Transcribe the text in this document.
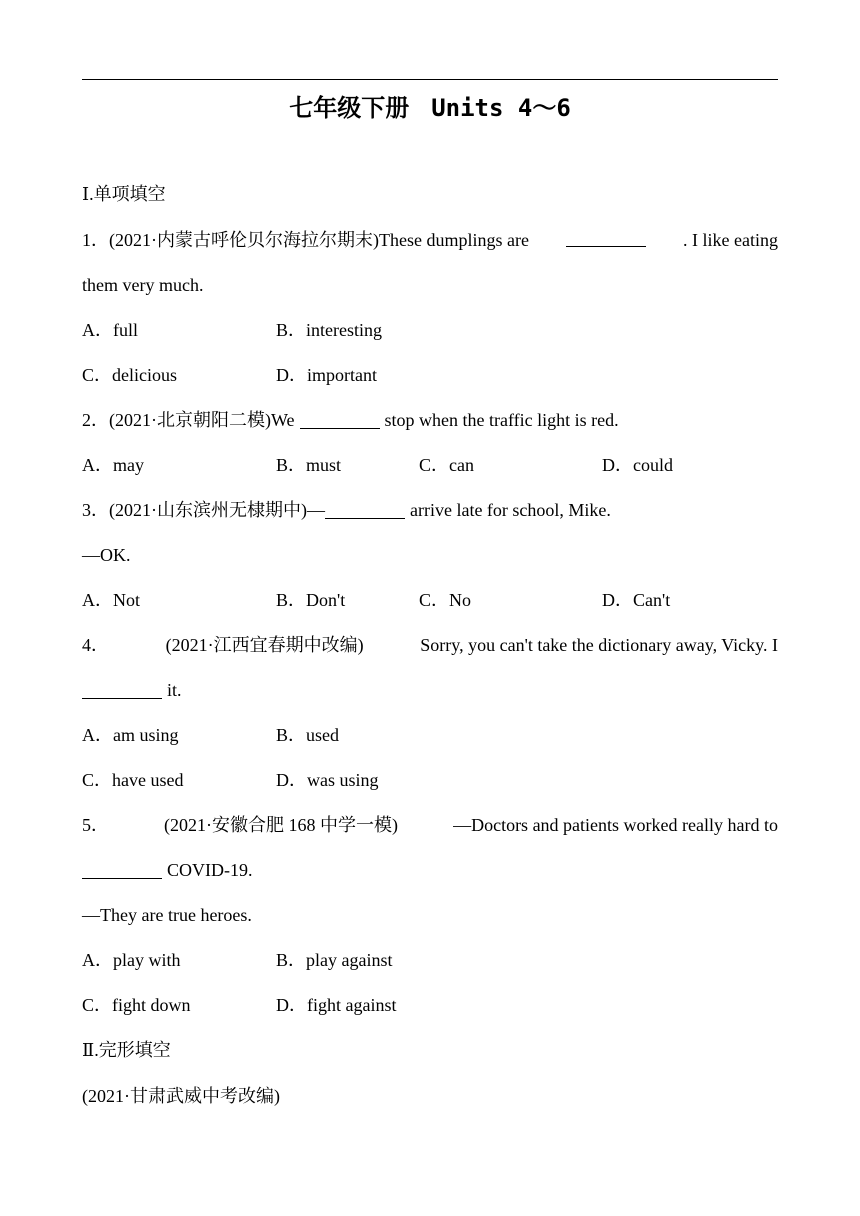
七年级下册 Units 4～6
Ⅰ.单项填空
1．(2021·内蒙古呼伦贝尔海拉尔期末)These dumplings are	. I like eating
them very much.
A．full	B．interesting
C．delicious	D．important
2．(2021·北京朝阳二模)We	stop when the traffic light is red.
A．may	B．must	C．can	D．could
3．(2021·山东滨州无棣期中)—	arrive late for school, Mike.
—OK.
A．Not	B．Don't	C．No	D．Can't
4．	(2021·江西宜春期中改编)	Sorry, you can't take the dictionary away, Vicky. I
it.
A．am using	B．used
C．have used	D．was using
5．	(2021·安徽合肥 168 中学一模)	—Doctors and patients worked really hard to
COVID-19.
—They are true heroes.
A．play with	B．play against
C．fight down	D．fight against
Ⅱ.完形填空
(2021·甘肃武威中考改编)
